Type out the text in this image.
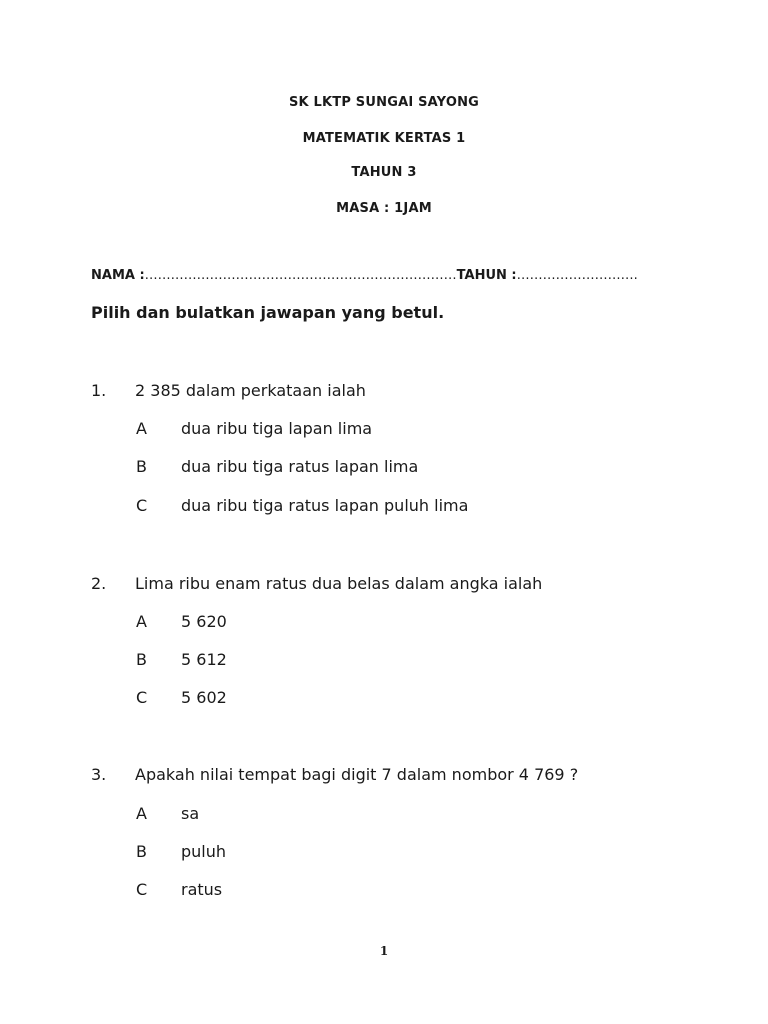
SK LKTP SUNGAI SAYONG
MATEMATIK KERTAS 1
TAHUN 3
MASA : 1JAM
NAMA :………………………………………………………………TAHUN :……………………….
Pilih dan bulatkan jawapan yang betul.
1. 2 385 dalam perkataan ialah
A dua ribu tiga lapan lima
B dua ribu tiga ratus lapan lima
C dua ribu tiga ratus lapan puluh lima
2. Lima ribu enam ratus dua belas dalam angka ialah
A 5 620
B 5 612
C 5 602
3. Apakah nilai tempat bagi digit 7 dalam nombor 4 769 ?
A sa
B puluh
C ratus
1
